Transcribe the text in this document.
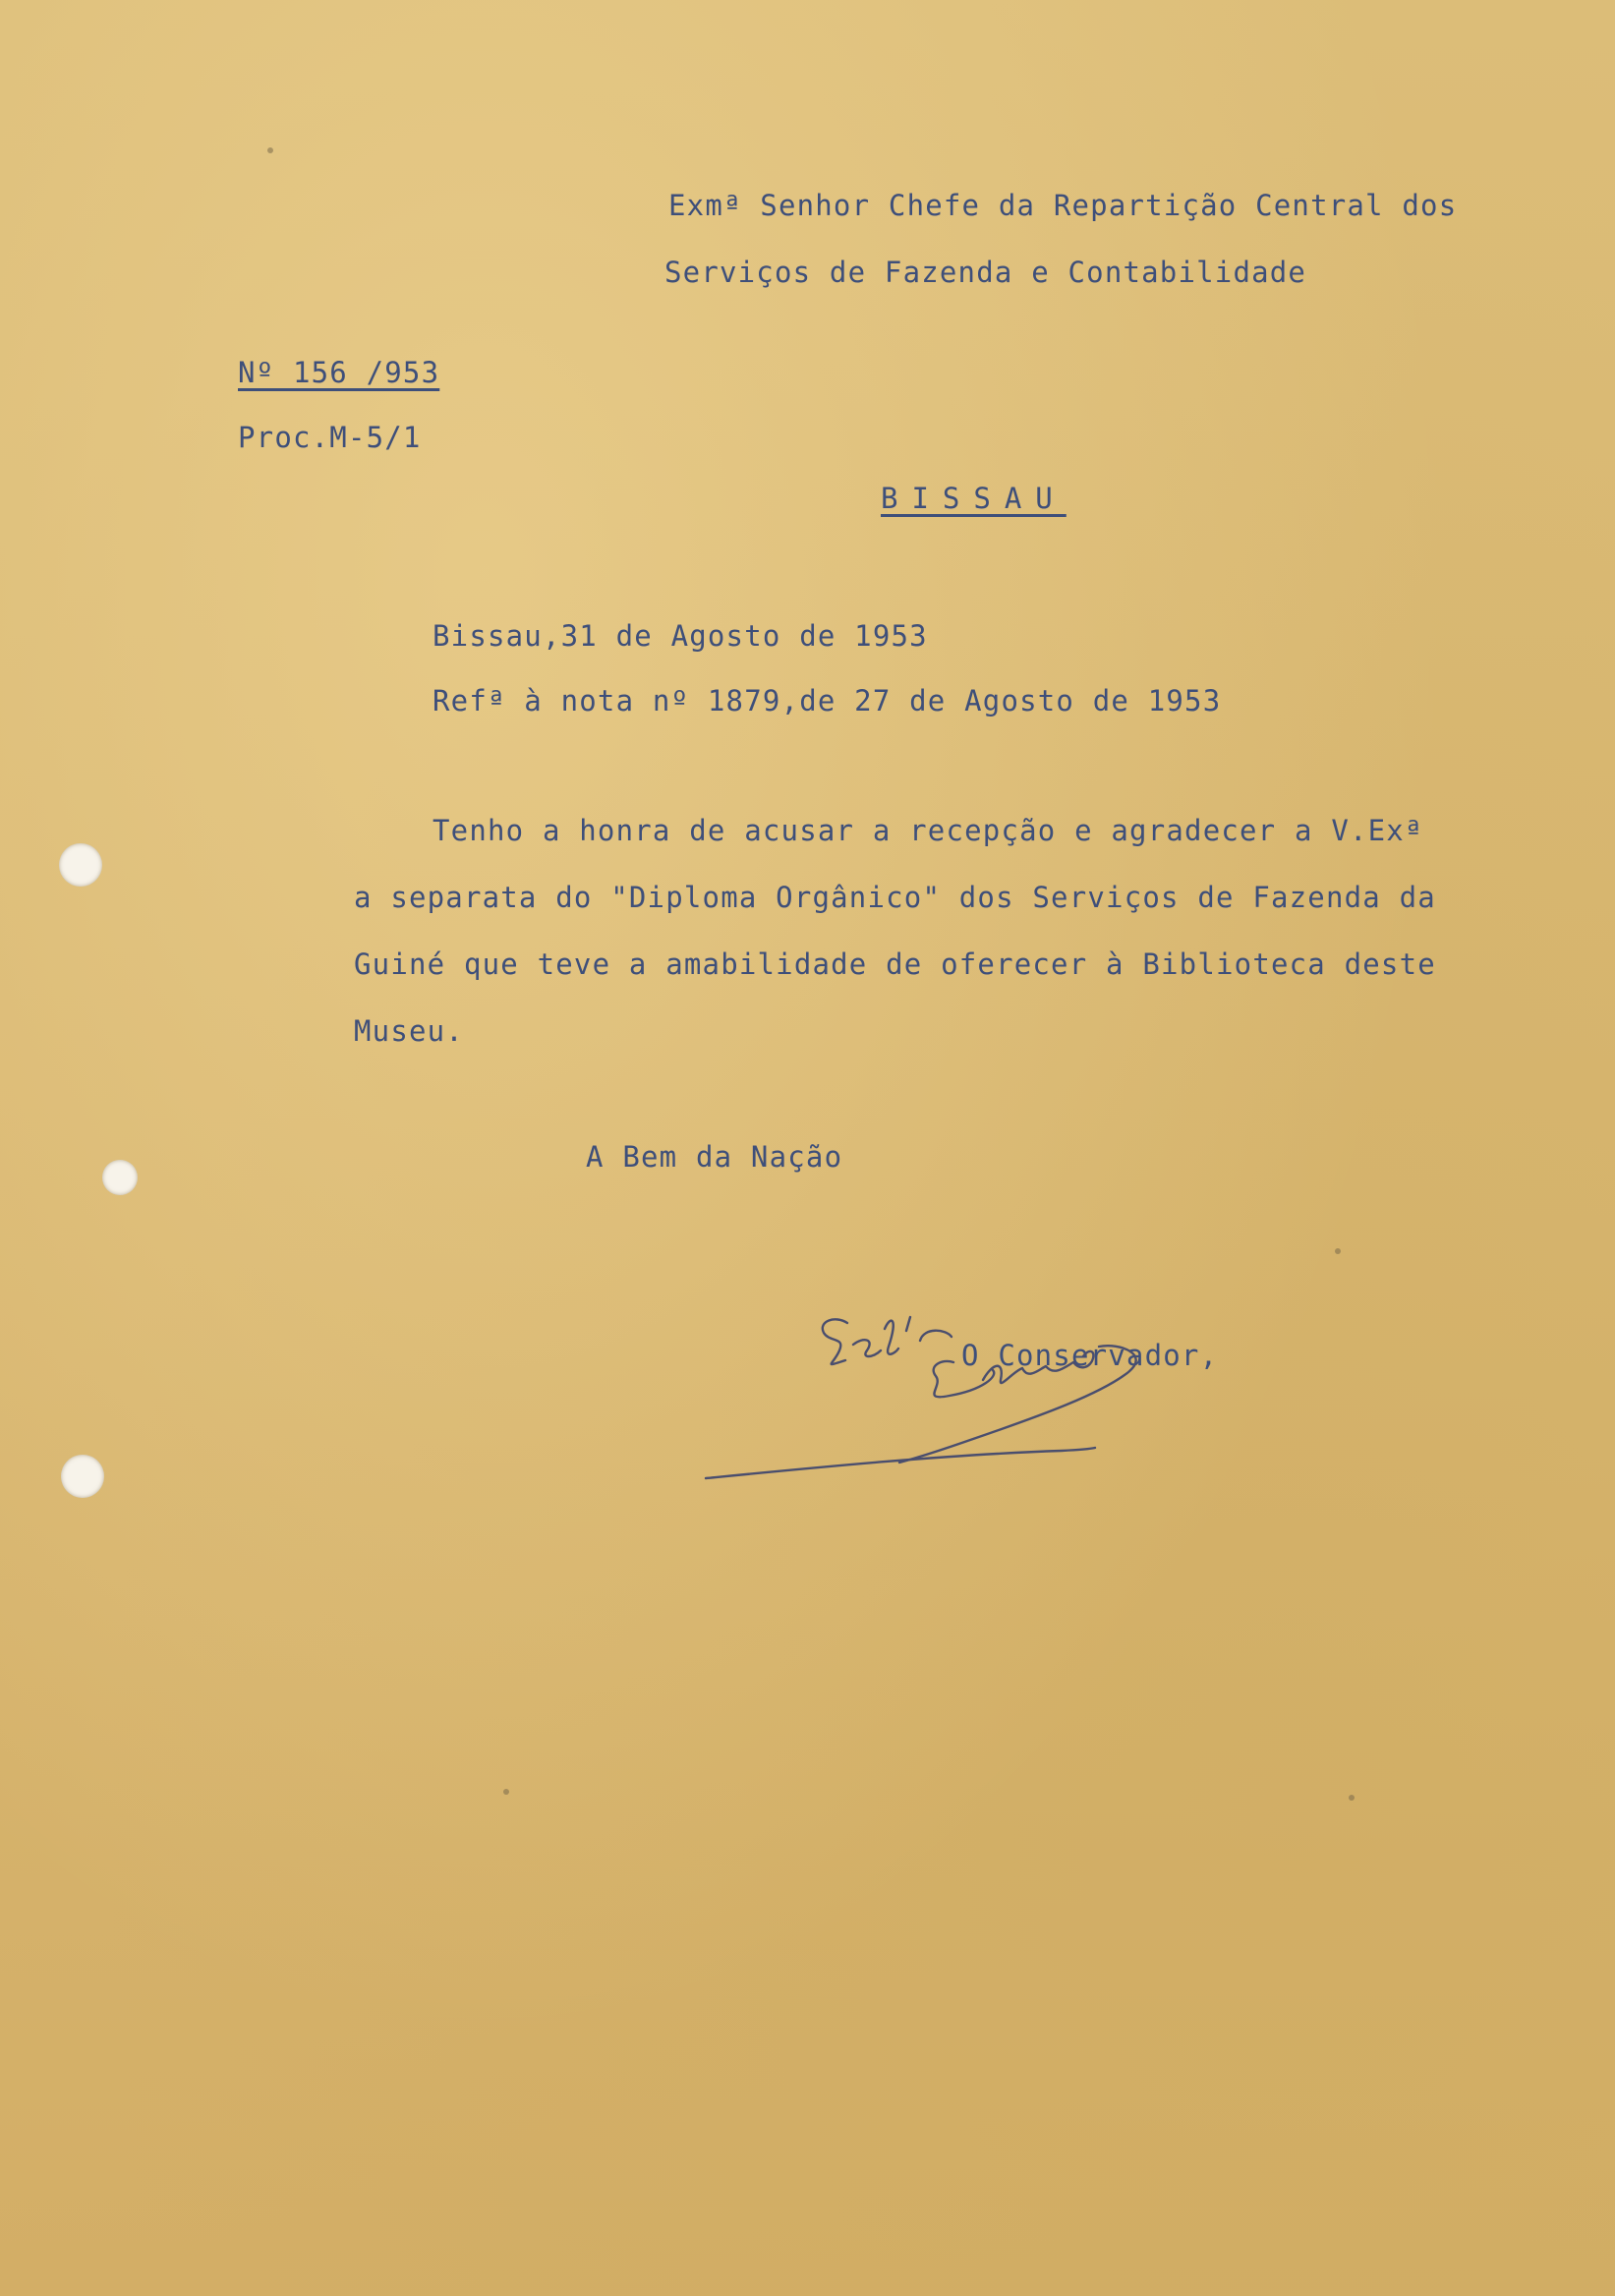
Exmª Senhor Chefe da Repartição Central dos
Serviços de Fazenda e Contabilidade
Nº 156 /953
Proc.M-5/1
BISSAU
Bissau,31 de Agosto de 1953
Refª à nota nº 1879,de 27 de Agosto de 1953
Tenho a honra de acusar a recepção e agradecer a V.Exª
a separata do "Diploma Orgânico" dos Serviços de Fazenda da
Guiné que teve a amabilidade de oferecer à Biblioteca deste
Museu.
A Bem da Nação
O Conservador,
